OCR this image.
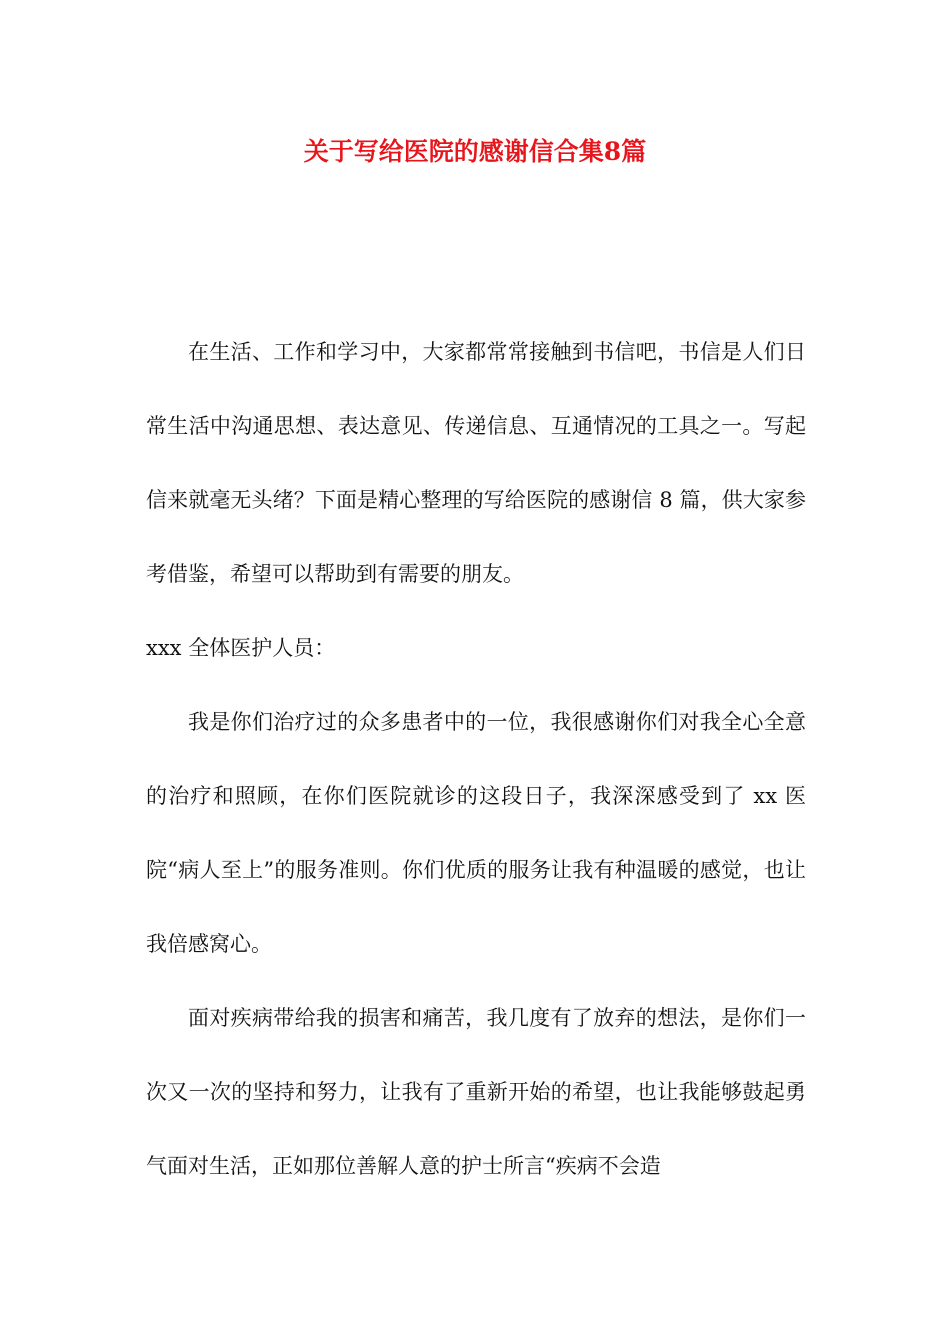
关于写给医院的感谢信合集8篇

在生活、工作和学习中，大家都常常接触到书信吧，书信是人们日常生活中沟通思想、表达意见、传递信息、互通情况的工具之一。写起信来就毫无头绪？下面是精心整理的写给医院的感谢信 8 篇，供大家参考借鉴，希望可以帮助到有需要的朋友。

xxx 全体医护人员：

我是你们治疗过的众多患者中的一位，我很感谢你们对我全心全意的治疗和照顾，在你们医院就诊的这段日子，我深深感受到了 xx 医院“病人至上”的服务准则。你们优质的服务让我有种温暖的感觉，也让我倍感窝心。

面对疾病带给我的损害和痛苦，我几度有了放弃的想法，是你们一次又一次的坚持和努力，让我有了重新开始的希望，也让我能够鼓起勇气面对生活，正如那位善解人意的护士所言“疾病不会造
